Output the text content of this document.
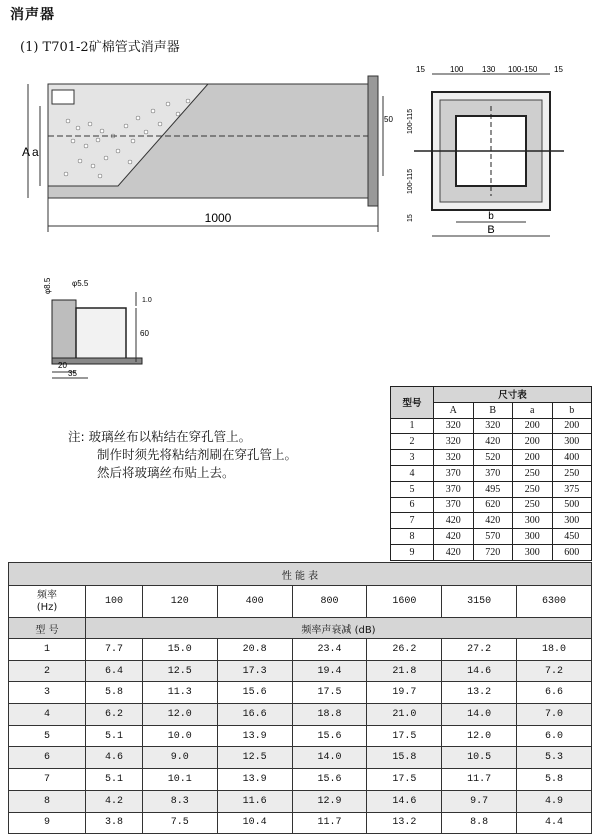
消声器
(1) T701-2矿棉管式消声器
1000
A a
50
15	100 130 100-150 15
100-115
100-115
15	b
B
φ8.5	φ5.5
1.0
60
20
35
注: 玻璃丝布以粘结在穿孔管上。
制作时须先将粘结剂刷在穿孔管上。
然后将玻璃丝布贴上去。
型号	尺寸表			
	A	B	a	b
1	320	320	200	200
2	320	420	200	300
3	320	520	200	400
4	370	370	250	250
5	370	495	250	375
6	370	620	250	500
7	420	420	300	300
8	420	570	300	450
9	420	720	300	600
性 能 表							

频率
(Hz)	100	120	400	800	1600	3150	6300
型 号	频率声衰减 (dB)						
1	7.7	15.0	20.8	23.4	26.2	27.2	18.0
2	6.4	12.5	17.3	19.4	21.8	14.6	7.2
3	5.8	11.3	15.6	17.5	19.7	13.2	6.6
4	6.2	12.0	16.6	18.8	21.0	14.0	7.0
5	5.1	10.0	13.9	15.6	17.5	12.0	6.0
6	4.6	9.0	12.5	14.0	15.8	10.5	5.3
7	5.1	10.1	13.9	15.6	17.5	11.7	5.8
8	4.2	8.3	11.6	12.9	14.6	9.7	4.9
9	3.8	7.5	10.4	11.7	13.2	8.8	4.4
